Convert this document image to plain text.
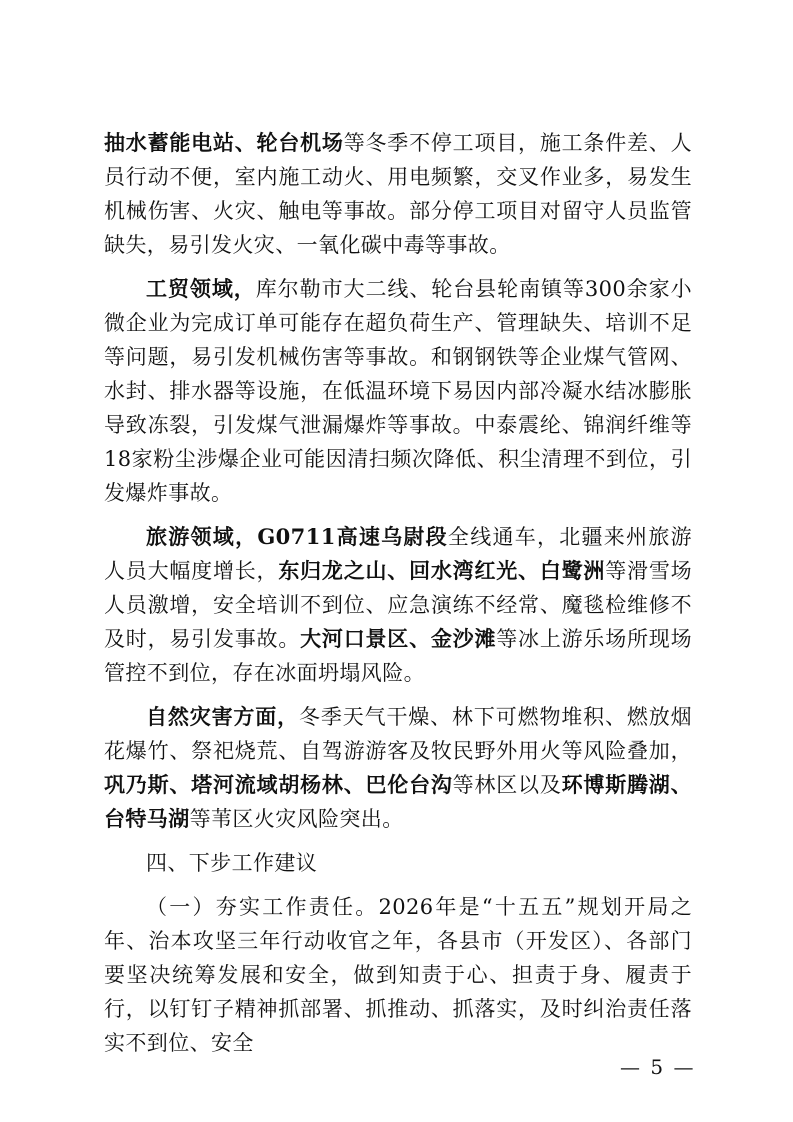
抽水蓄能电站、轮台机场等冬季不停工项目，施工条件差、人员行动不便，室内施工动火、用电频繁，交叉作业多，易发生机械伤害、火灾、触电等事故。部分停工项目对留守人员监管缺失，易引发火灾、一氧化碳中毒等事故。

工贸领域，库尔勒市大二线、轮台县轮南镇等300余家小微企业为完成订单可能存在超负荷生产、管理缺失、培训不足等问题，易引发机械伤害等事故。和钢钢铁等企业煤气管网、水封、排水器等设施，在低温环境下易因内部冷凝水结冰膨胀导致冻裂，引发煤气泄漏爆炸等事故。中泰震纶、锦润纤维等18家粉尘涉爆企业可能因清扫频次降低、积尘清理不到位，引发爆炸事故。

旅游领域，G0711高速乌尉段全线通车，北疆来州旅游人员大幅度增长，东归龙之山、回水湾红光、白鹭洲等滑雪场人员激增，安全培训不到位、应急演练不经常、魔毯检维修不及时，易引发事故。大河口景区、金沙滩等冰上游乐场所现场管控不到位，存在冰面坍塌风险。

自然灾害方面，冬季天气干燥、林下可燃物堆积、燃放烟花爆竹、祭祀烧荒、自驾游游客及牧民野外用火等风险叠加，巩乃斯、塔河流域胡杨林、巴伦台沟等林区以及环博斯腾湖、台特马湖等苇区火灾风险突出。

四、下步工作建议

（一）夯实工作责任。2026年是“十五五”规划开局之年、治本攻坚三年行动收官之年，各县市（开发区）、各部门要坚决统筹发展和安全，做到知责于心、担责于身、履责于行，以钉钉子精神抓部署、抓推动、抓落实，及时纠治责任落实不到位、安全

— 5 —
